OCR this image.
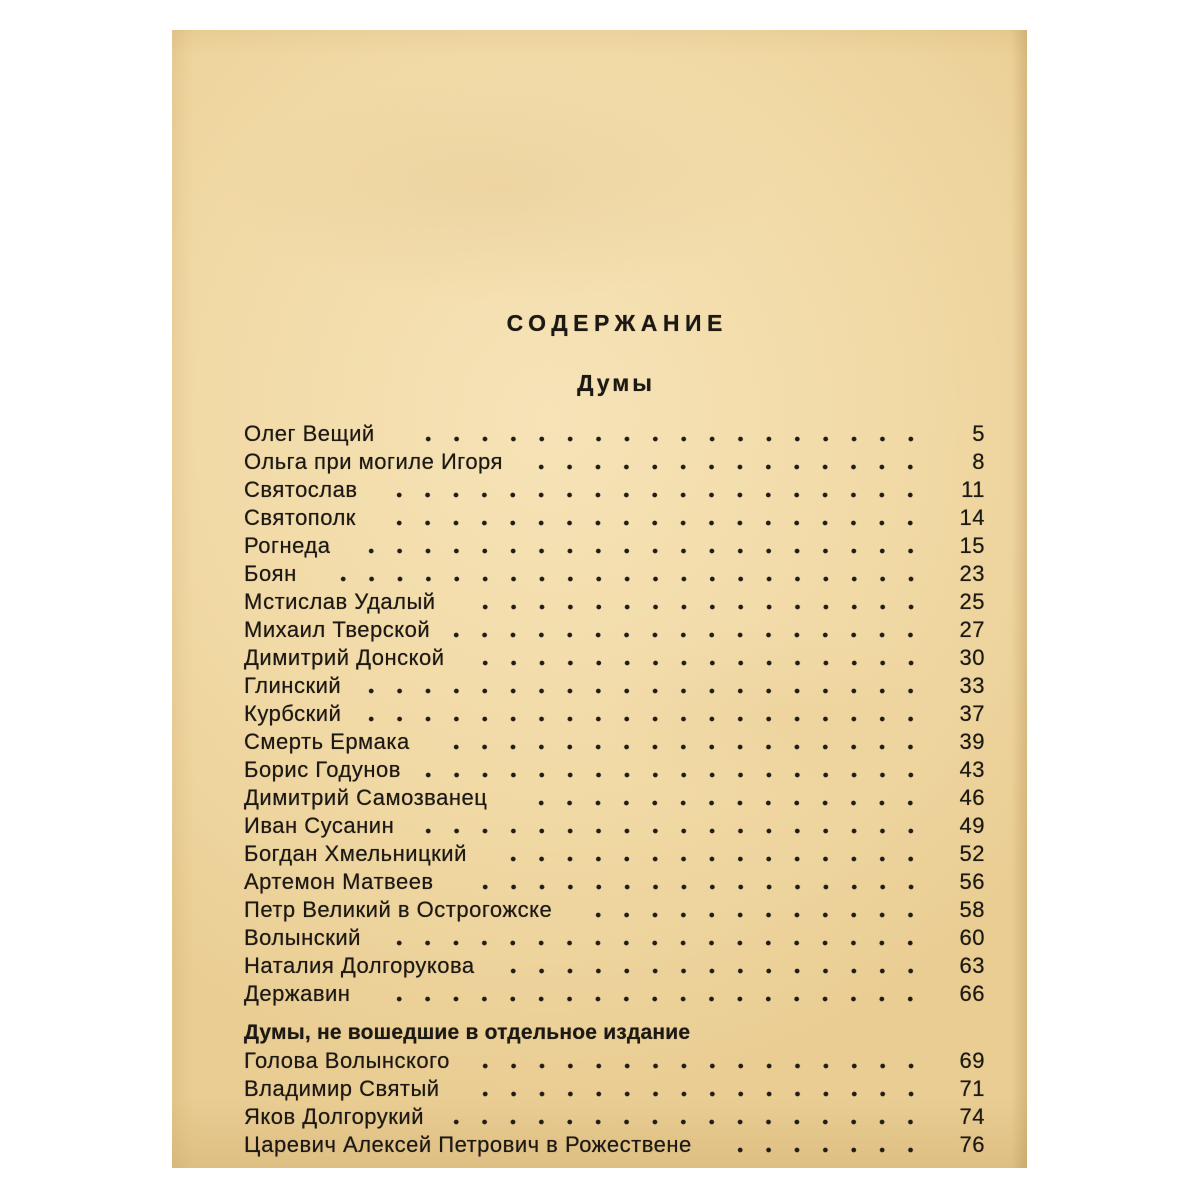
СОДЕРЖАНИЕ
Думы
Олег Вещий	5
Ольга при могиле Игоря	8
Святослав	11
Святополк	14
Рогнеда	15
Боян	23
Мстислав Удалый	25
Михаил Тверской	27
Димитрий Донской	30
Глинский	33
Курбский	37
Смерть Ермака	39
Борис Годунов	43
Димитрий Самозванец	46
Иван Сусанин	49
Богдан Хмельницкий	52
Артемон Матвеев	56
Петр Великий в Острогожске	58
Волынский	60
Наталия Долгорукова	63
Державин	66
Думы, не вошедшие в отдельное издание
Голова Волынского	69
Владимир Святый	71
Яков Долгорукий	74
Царевич Алексей Петрович в Рожествене	76
